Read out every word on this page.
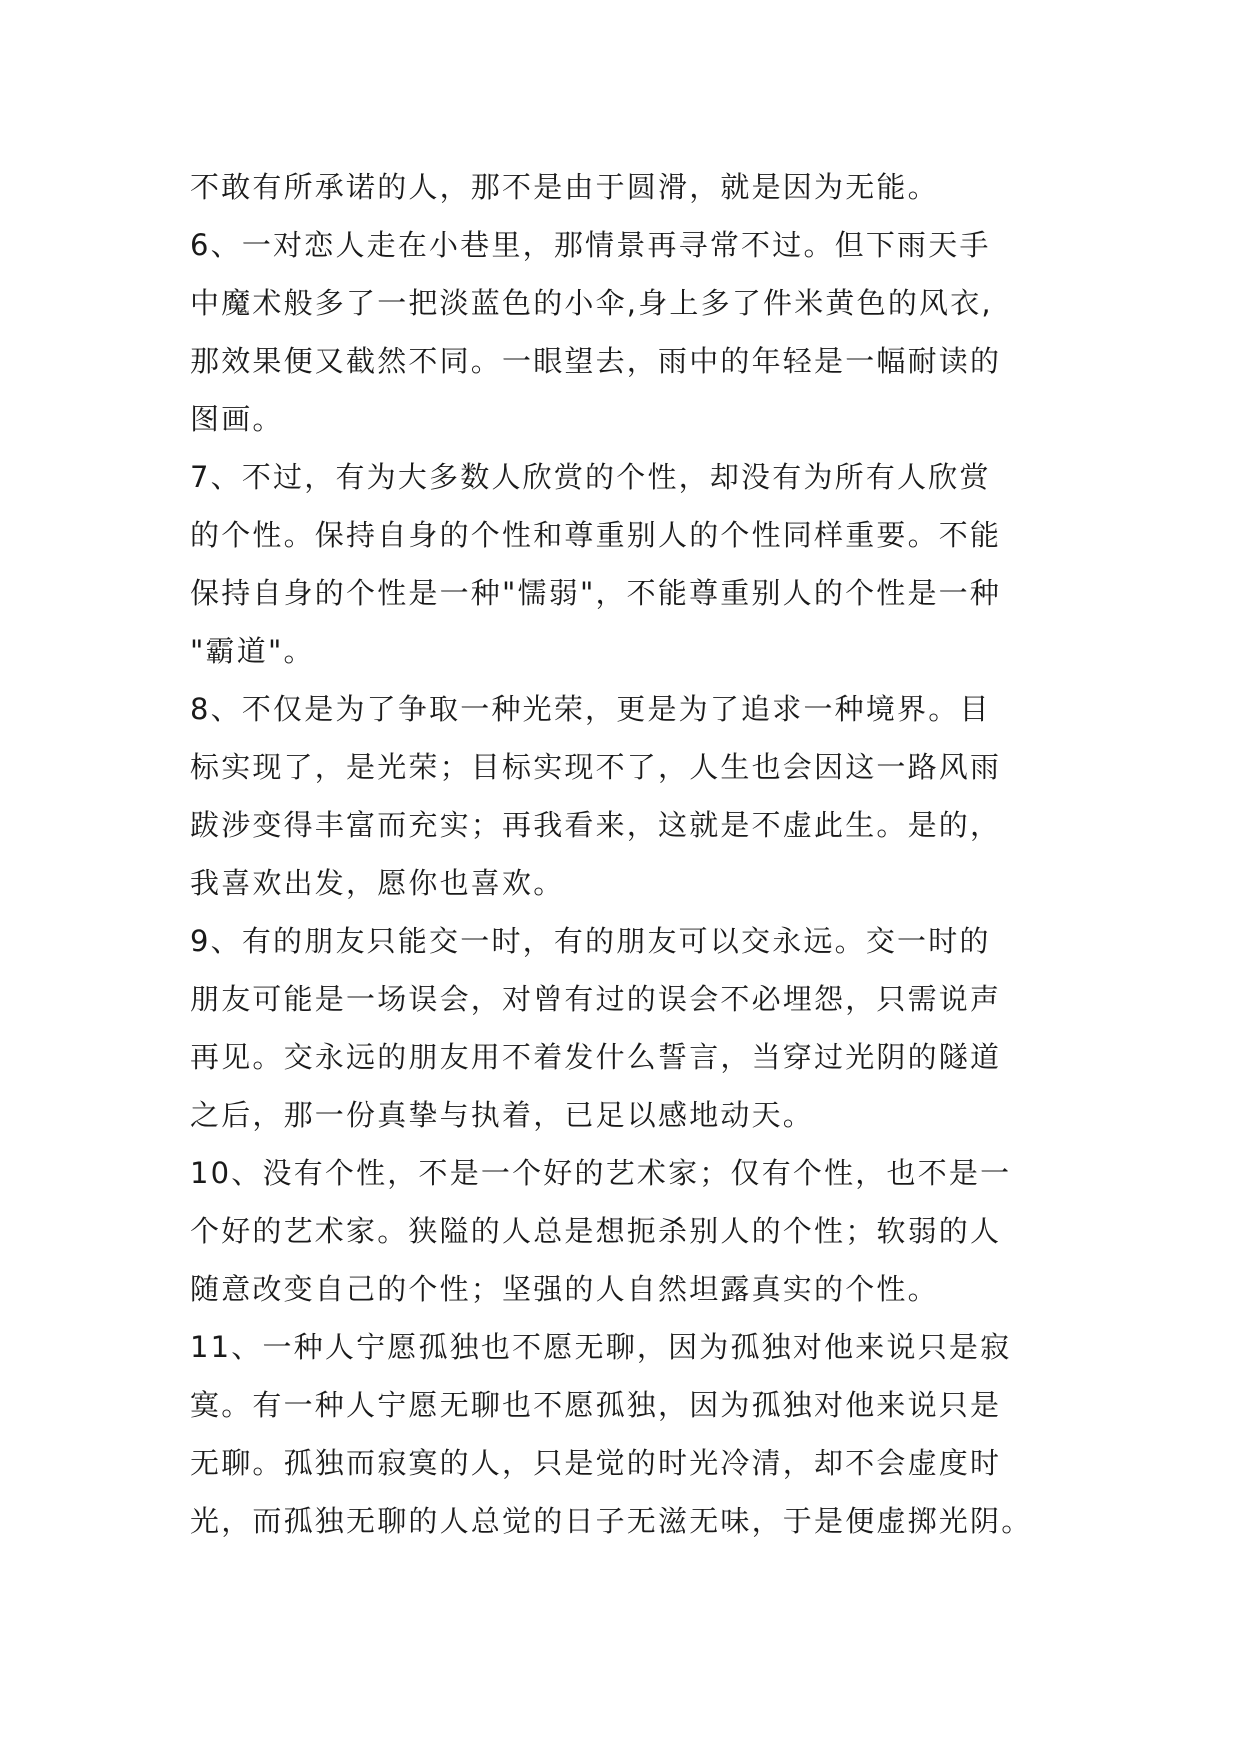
不敢有所承诺的人，那不是由于圆滑，就是因为无能。
6、一对恋人走在小巷里，那情景再寻常不过。但下雨天手
中魔术般多了一把淡蓝色的小伞,身上多了件米黄色的风衣,
那效果便又截然不同。一眼望去，雨中的年轻是一幅耐读的
图画。
7、不过，有为大多数人欣赏的个性，却没有为所有人欣赏
的个性。保持自身的个性和尊重别人的个性同样重要。不能
保持自身的个性是一种"懦弱"，不能尊重别人的个性是一种
"霸道"。
8、不仅是为了争取一种光荣，更是为了追求一种境界。目
标实现了，是光荣；目标实现不了，人生也会因这一路风雨
跋涉变得丰富而充实；再我看来，这就是不虚此生。是的，
我喜欢出发，愿你也喜欢。
9、有的朋友只能交一时，有的朋友可以交永远。交一时的
朋友可能是一场误会，对曾有过的误会不必埋怨，只需说声
再见。交永远的朋友用不着发什么誓言，当穿过光阴的隧道
之后，那一份真挚与执着，已足以感地动天。
10、没有个性，不是一个好的艺术家；仅有个性，也不是一
个好的艺术家。狭隘的人总是想扼杀别人的个性；软弱的人
随意改变自己的个性；坚强的人自然坦露真实的个性。
11、一种人宁愿孤独也不愿无聊，因为孤独对他来说只是寂
寞。有一种人宁愿无聊也不愿孤独，因为孤独对他来说只是
无聊。孤独而寂寞的人，只是觉的时光冷清，却不会虚度时
光，而孤独无聊的人总觉的日子无滋无味，于是便虚掷光阴。
